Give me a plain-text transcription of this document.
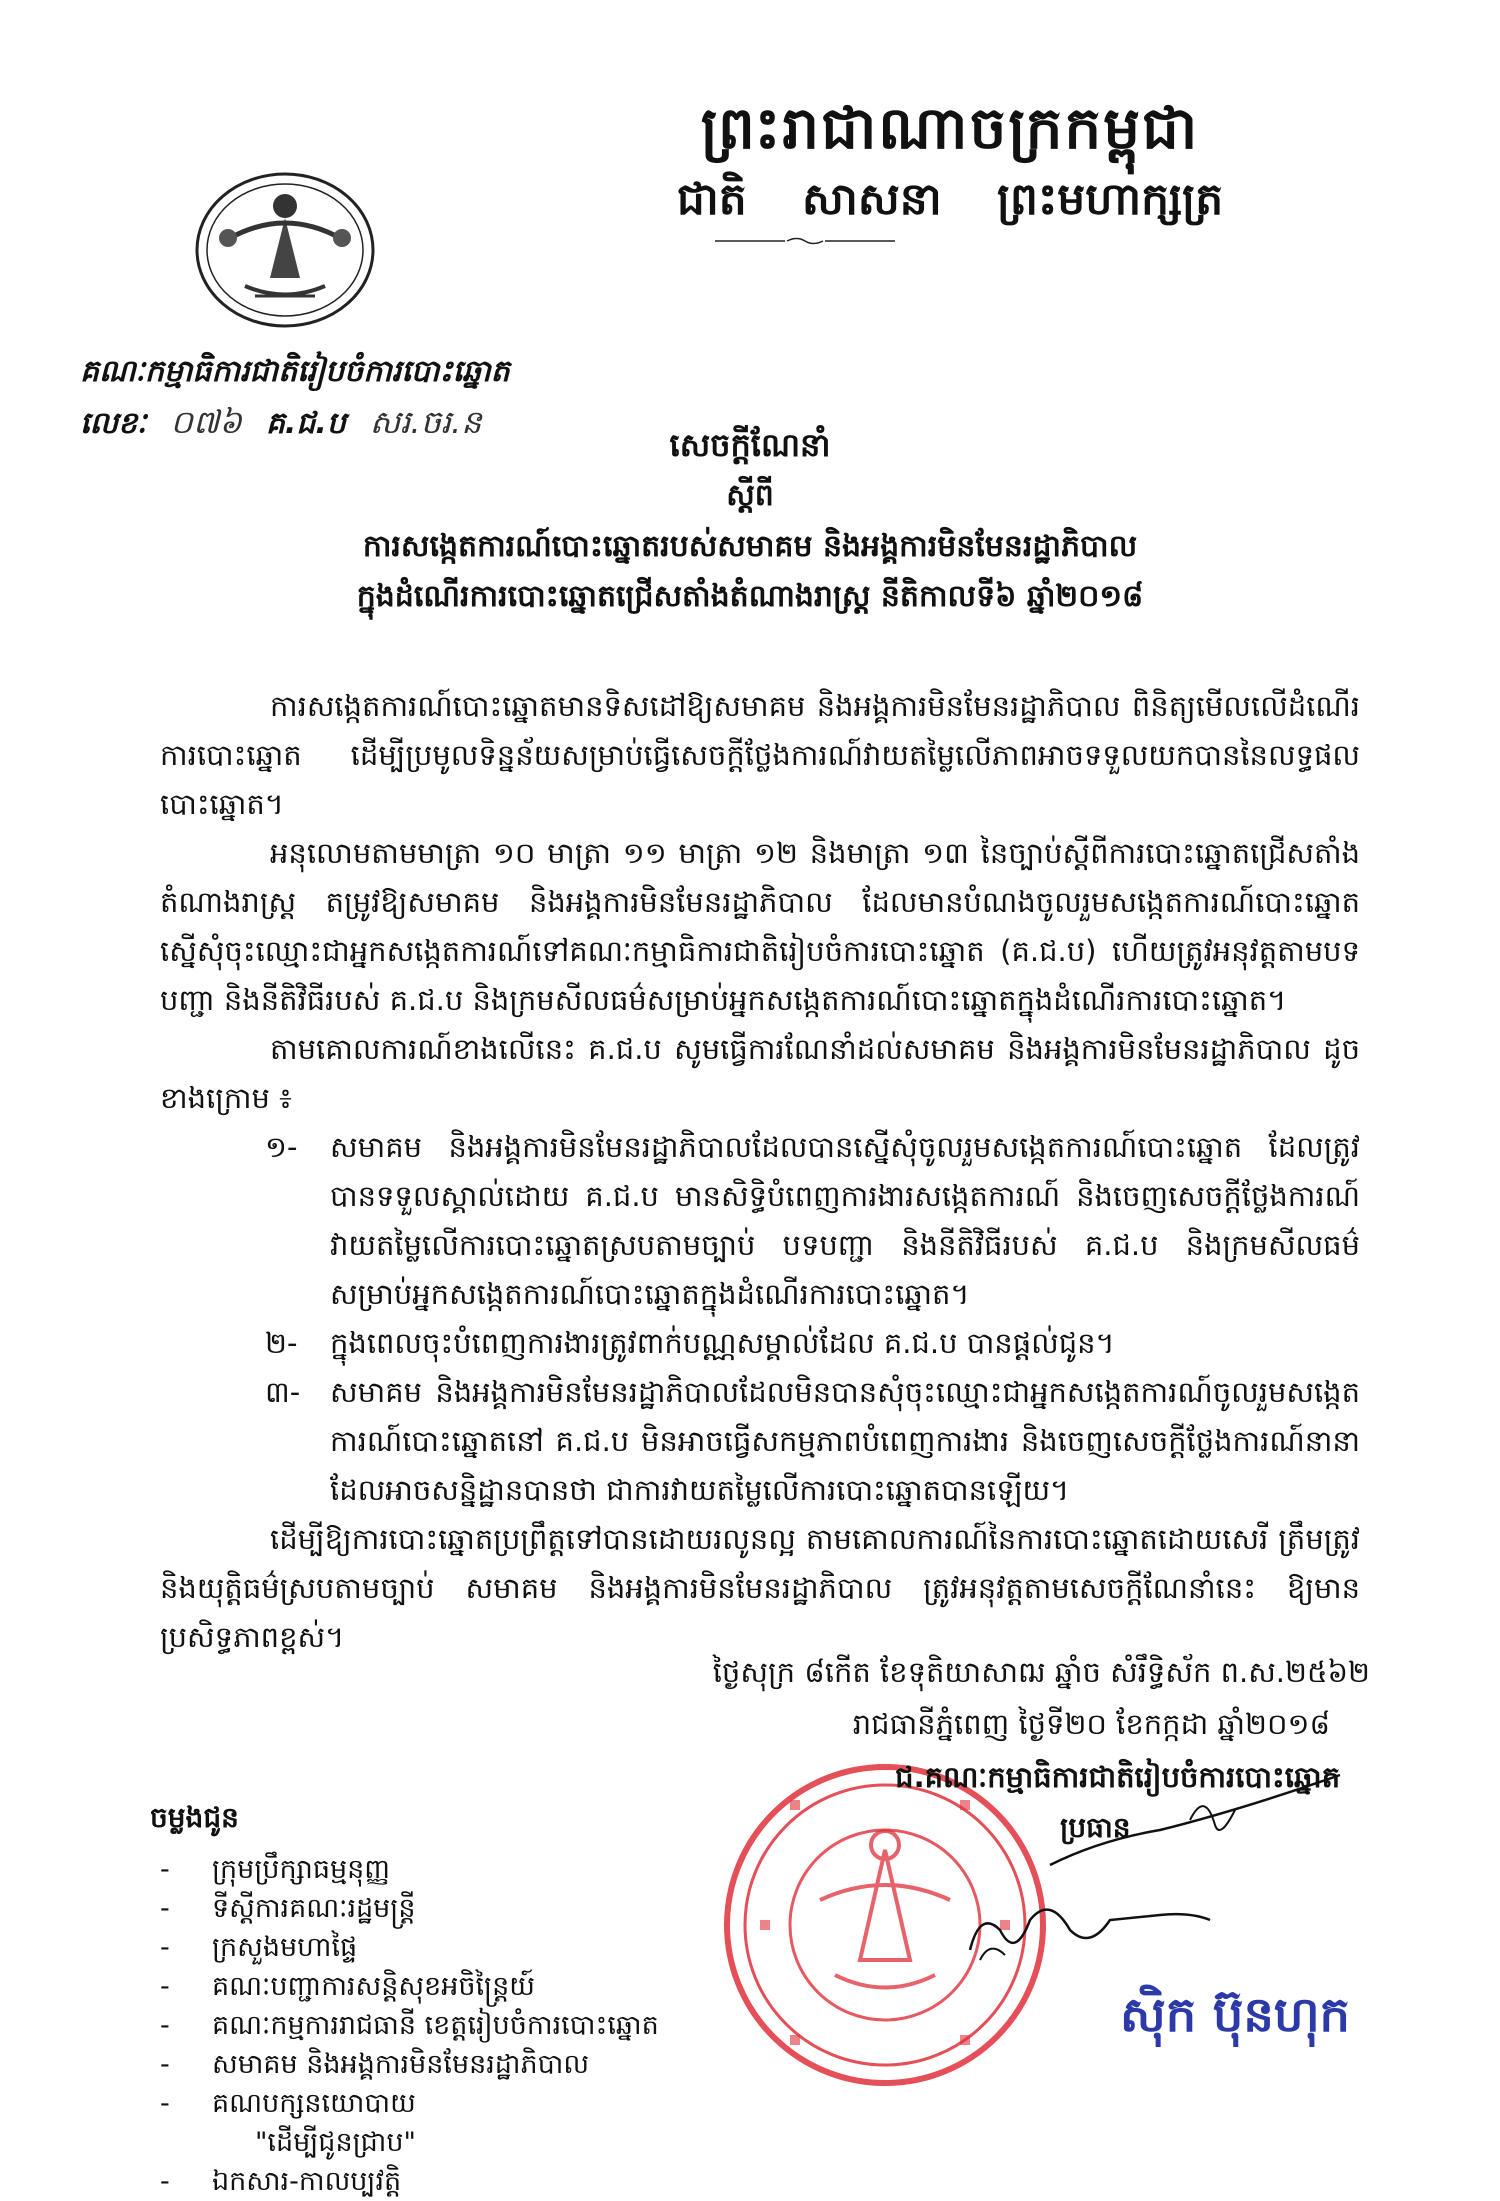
ព្រះរាជាណាចក្រកម្ពុជា
ជាតិ សាសនា ព្រះមហាក្សត្រ
គណៈកម្មាធិការជាតិរៀបចំការបោះឆ្នោត
លេខៈ ០៧៦ គ.ជ.ប សរ.ចរ.ន
សេចក្តីណែនាំ
ស្តីពី
ការសង្កេតការណ៍បោះឆ្នោតរបស់សមាគម និងអង្គការមិនមែនរដ្ឋាភិបាល
ក្នុងដំណើរការបោះឆ្នោតជ្រើសតាំងតំណាងរាស្ត្រ នីតិកាលទី៦ ឆ្នាំ២០១៨

ការសង្កេតការណ៍បោះឆ្នោតមានទិសដៅឱ្យសមាគម និងអង្គការមិនមែនរដ្ឋាភិបាល ពិនិត្យមើលលើដំណើរការបោះឆ្នោត ដើម្បីប្រមូលទិន្នន័យសម្រាប់ធ្វើសេចក្តីថ្លែងការណ៍វាយតម្លៃលើភាពអាចទទួលយកបាននៃលទ្ធផលបោះឆ្នោត។

អនុលោមតាមមាត្រា ១០ មាត្រា ១១ មាត្រា ១២ និងមាត្រា ១៣ នៃច្បាប់ស្តីពីការបោះឆ្នោតជ្រើសតាំងតំណាងរាស្ត្រ តម្រូវឱ្យសមាគម និងអង្គការមិនមែនរដ្ឋាភិបាល ដែលមានបំណងចូលរួមសង្កេតការណ៍បោះឆ្នោត ស្នើសុំចុះឈ្មោះជាអ្នកសង្កេតការណ៍ទៅគណៈកម្មាធិការជាតិរៀបចំការបោះឆ្នោត (គ.ជ.ប) ហើយត្រូវអនុវត្តតាមបទបញ្ជា និងនីតិវិធីរបស់ គ.ជ.ប និងក្រមសីលធម៌សម្រាប់អ្នកសង្កេតការណ៍បោះឆ្នោតក្នុងដំណើរការបោះឆ្នោត។

តាមគោលការណ៍ខាងលើនេះ គ.ជ.ប សូមធ្វើការណែនាំដល់សមាគម និងអង្គការមិនមែនរដ្ឋាភិបាល ដូចខាងក្រោម ៖

១- សមាគម និងអង្គការមិនមែនរដ្ឋាភិបាលដែលបានស្នើសុំចូលរួមសង្កេតការណ៍បោះឆ្នោត ដែលត្រូវបានទទួលស្គាល់ដោយ គ.ជ.ប មានសិទ្ធិបំពេញការងារសង្កេតការណ៍ និងចេញសេចក្តីថ្លែងការណ៍វាយតម្លៃលើការបោះឆ្នោតស្របតាមច្បាប់ បទបញ្ជា និងនីតិវិធីរបស់ គ.ជ.ប និងក្រមសីលធម៌សម្រាប់អ្នកសង្កេតការណ៍បោះឆ្នោតក្នុងដំណើរការបោះឆ្នោត។
២- ក្នុងពេលចុះបំពេញការងារត្រូវពាក់បណ្ណសម្គាល់ដែល គ.ជ.ប បានផ្តល់ជូន។
៣- សមាគម និងអង្គការមិនមែនរដ្ឋាភិបាលដែលមិនបានសុំចុះឈ្មោះជាអ្នកសង្កេតការណ៍ចូលរួមសង្កេតការណ៍បោះឆ្នោតនៅ គ.ជ.ប មិនអាចធ្វើសកម្មភាពបំពេញការងារ និងចេញសេចក្តីថ្លែងការណ៍នានា ដែលអាចសន្និដ្ឋានបានថា ជាការវាយតម្លៃលើការបោះឆ្នោតបានឡើយ។

ដើម្បីឱ្យការបោះឆ្នោតប្រព្រឹត្តទៅបានដោយរលូនល្អ តាមគោលការណ៍នៃការបោះឆ្នោតដោយសេរី ត្រឹមត្រូវ និងយុត្តិធម៌ស្របតាមច្បាប់ សមាគម និងអង្គការមិនមែនរដ្ឋាភិបាល ត្រូវអនុវត្តតាមសេចក្តីណែនាំនេះ ឱ្យមានប្រសិទ្ធភាពខ្ពស់។

ថ្ងៃសុក្រ ៨កើត ខែទុតិយាសាឍ ឆ្នាំច សំរឹទ្ធិស័ក ព.ស.២៥៦២
រាជធានីភ្នំពេញ ថ្ងៃទី២០ ខែកក្កដា ឆ្នាំ២០១៨
ជ.គណៈកម្មាធិការជាតិរៀបចំការបោះឆ្នោត
ប្រធាន
ស៊ិក ប៊ុនហុក
ចម្លងជូន
- ក្រុមប្រឹក្សាធម្មនុញ្ញ
- ទីស្តីការគណៈរដ្ឋមន្ត្រី
- ក្រសួងមហាផ្ទៃ
- គណៈបញ្ជាការសន្តិសុខអចិន្ត្រៃយ៍
- គណៈកម្មការរាជធានី ខេត្តរៀបចំការបោះឆ្នោត
- សមាគម និងអង្គការមិនមែនរដ្ឋាភិបាល
- គណបក្សនយោបាយ
"ដើម្បីជូនជ្រាប"
- ឯកសារ-កាលប្បវត្តិ
